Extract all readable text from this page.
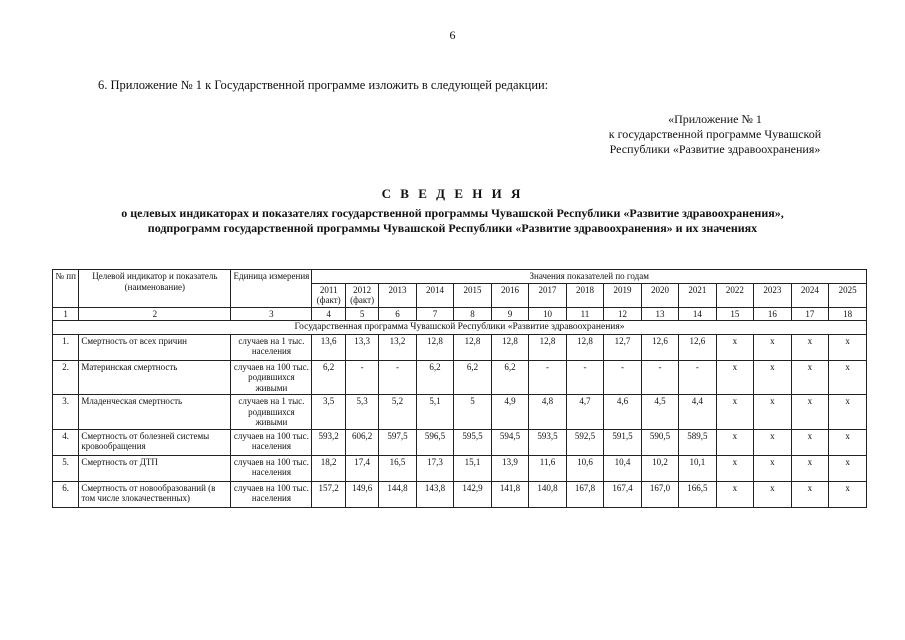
6
6. Приложение № 1 к Государственной программе изложить в следующей редакции:
«Приложение № 1
к государственной программе Чувашской
Республики «Развитие здравоохранения»
С В Е Д Е Н И Я
о целевых индикаторах и показателях государственной программы Чувашской Республики «Развитие здравоохранения»,
подпрограмм государственной программы Чувашской Республики «Развитие здравоохранения» и их значениях
№ пп	Целевой индикатор и показатель (наименование)	Единица измерения	Значения показателей по годам														
			2011 (факт)	2012 (факт)	2013	2014	2015	2016	2017	2018	2019	2020	2021	2022	2023	2024	2025
1	2	3	4	5	6	7	8	9	10	11	12	13	14	15	16	17	18
Государственная программа Чувашской Республики «Развитие здравоохранения»																	
1.	Смертность от всех причин	случаев на 1 тыс. населения	13,6	13,3	13,2	12,8	12,8	12,8	12,8	12,8	12,7	12,6	12,6	х	х	х	х
2.	Материнская смертность	случаев на 100 тыс. родившихся живыми	6,2	-	-	6,2	6,2	6,2	-	-	-	-	-	х	х	х	х
3.	Младенческая смертность	случаев на 1 тыс. родившихся живыми	3,5	5,3	5,2	5,1	5	4,9	4,8	4,7	4,6	4,5	4,4	х	х	х	х
4.	Смертность от болезней системы кровообращения	случаев на 100 тыс. населения	593,2	606,2	597,5	596,5	595,5	594,5	593,5	592,5	591,5	590,5	589,5	х	х	х	х
5.	Смертность от ДТП	случаев на 100 тыс. населения	18,2	17,4	16,5	17,3	15,1	13,9	11,6	10,6	10,4	10,2	10,1	х	х	х	х
6.	Смертность от новообразований (в том числе злокачественных)	случаев на 100 тыс. населения	157,2	149,6	144,8	143,8	142,9	141,8	140,8	167,8	167,4	167,0	166,5	х	х	х	х
